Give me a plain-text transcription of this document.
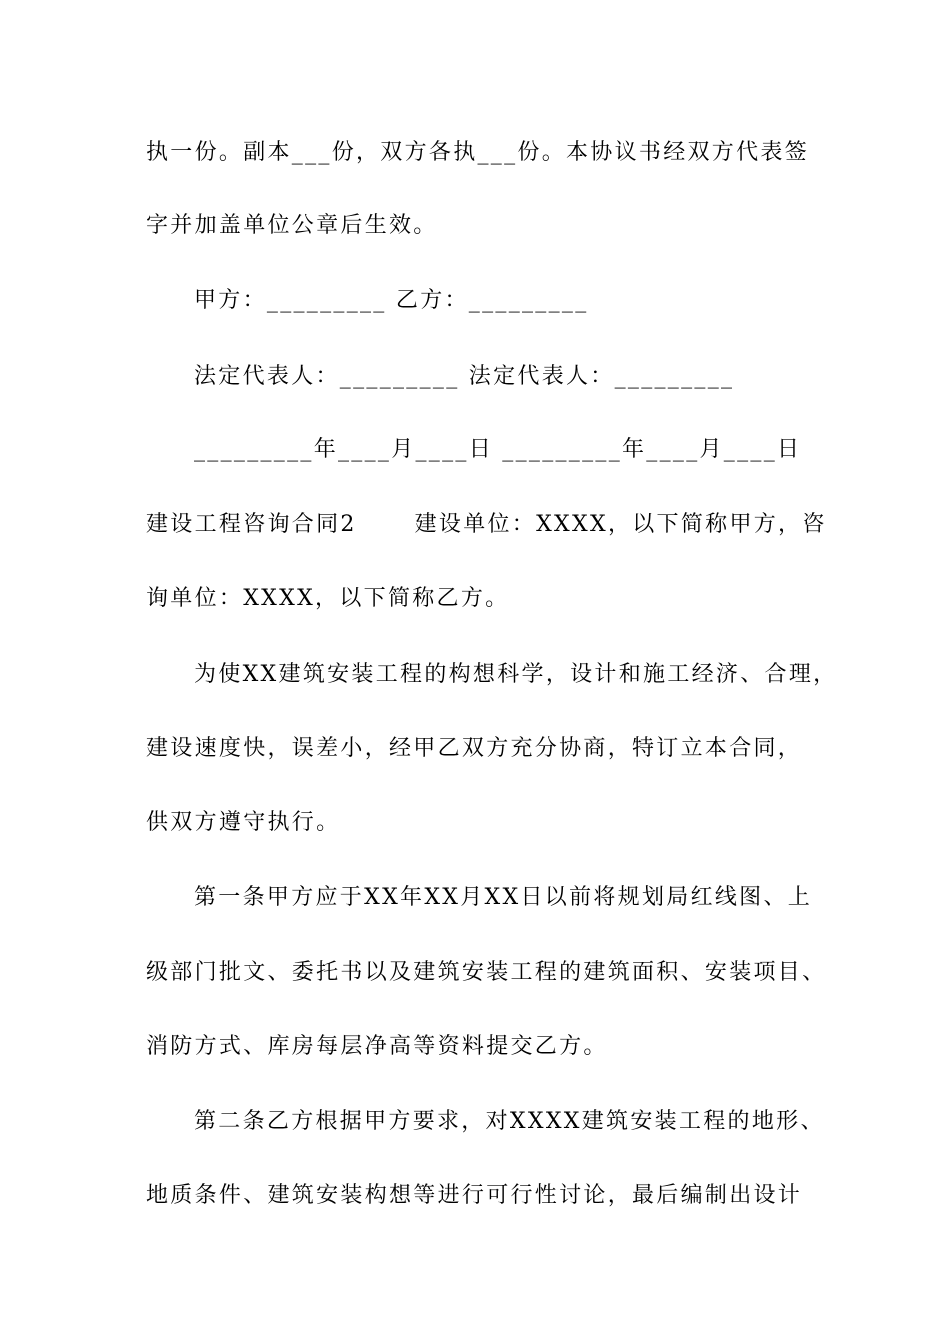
执一份。副本___份，双方各执___份。本协议书经双方代表签
字并加盖单位公章后生效。
甲方：_________ 乙方：_________
法定代表人：_________ 法定代表人：_________
_________年____月____日 _________年____月____日
建设工程咨询合同2　　 建设单位：XXXX，以下简称甲方，咨
询单位：XXXX，以下简称乙方。
为使XX建筑安装工程的构想科学，设计和施工经济、合理，
建设速度快，误差小，经甲乙双方充分协商，特订立本合同，
供双方遵守执行。
第一条甲方应于XX年XX月XX日以前将规划局红线图、上
级部门批文、委托书以及建筑安装工程的建筑面积、安装项目、
消防方式、库房每层净高等资料提交乙方。
第二条乙方根据甲方要求，对XXXX建筑安装工程的地形、
地质条件、建筑安装构想等进行可行性讨论，最后编制出设计
